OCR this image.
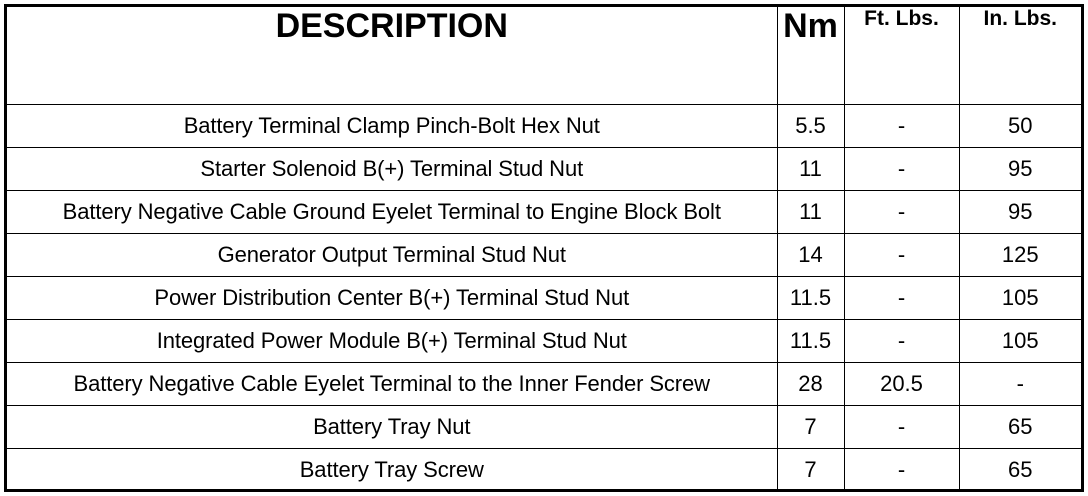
DESCRIPTION	Nm	Ft. Lbs.	In. Lbs.
Battery Terminal Clamp Pinch-Bolt Hex Nut	5.5	-	50
Starter Solenoid B(+) Terminal Stud Nut	11	-	95
Battery Negative Cable Ground Eyelet Terminal to Engine Block Bolt	11	-	95
Generator Output Terminal Stud Nut	14	-	125
Power Distribution Center B(+) Terminal Stud Nut	11.5	-	105
Integrated Power Module B(+) Terminal Stud Nut	11.5	-	105
Battery Negative Cable Eyelet Terminal to the Inner Fender Screw	28	20.5	-
Battery Tray Nut	7	-	65
Battery Tray Screw	7	-	65
